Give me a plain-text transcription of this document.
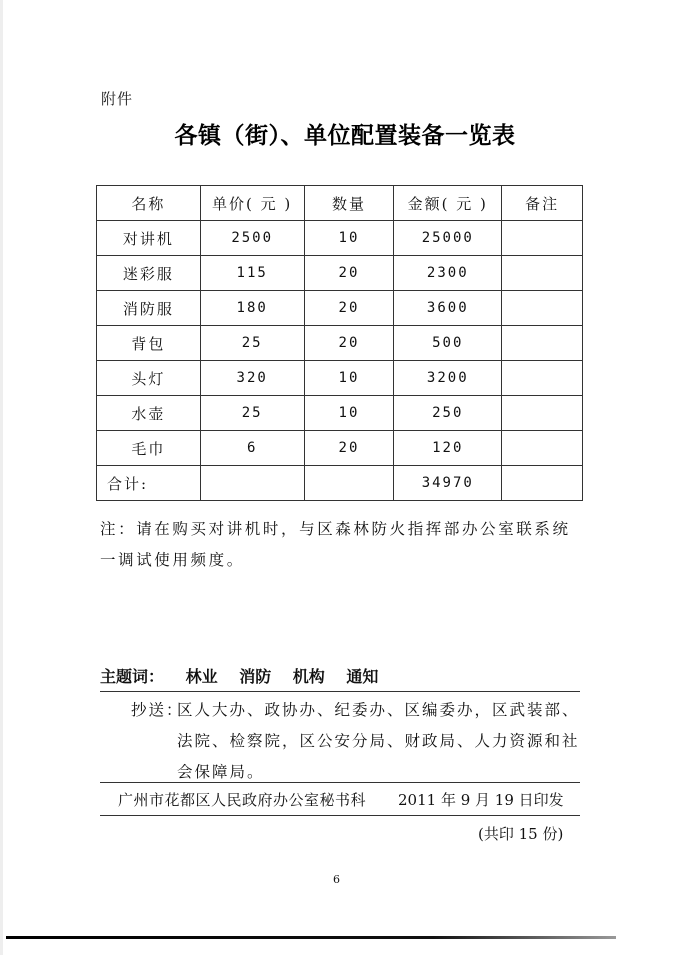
附件
各镇（街）、单位配置装备一览表
名称	单价( 元 )	数量	金额( 元 )	备注
对讲机	2500	10	25000	
迷彩服	115	20	2300	
消防服	180	20	3600	
背包	25	20	500	
头灯	320	10	3200	
水壶	25	10	250	
毛巾	6	20	120	
合计:			34970	
注：请在购买对讲机时，与区森林防火指挥部办公室联系统一调试使用频度。
主题词： 林业 消防 机构 通知
抄送：
区人大办、政协办、纪委办、区编委办，区武装部、法院、检察院，区公安分局、财政局、人力资源和社会保障局。
广州市花都区人民政府办公室秘书科 2011 年 9 月 19 日印发
(共印 15 份)
6
